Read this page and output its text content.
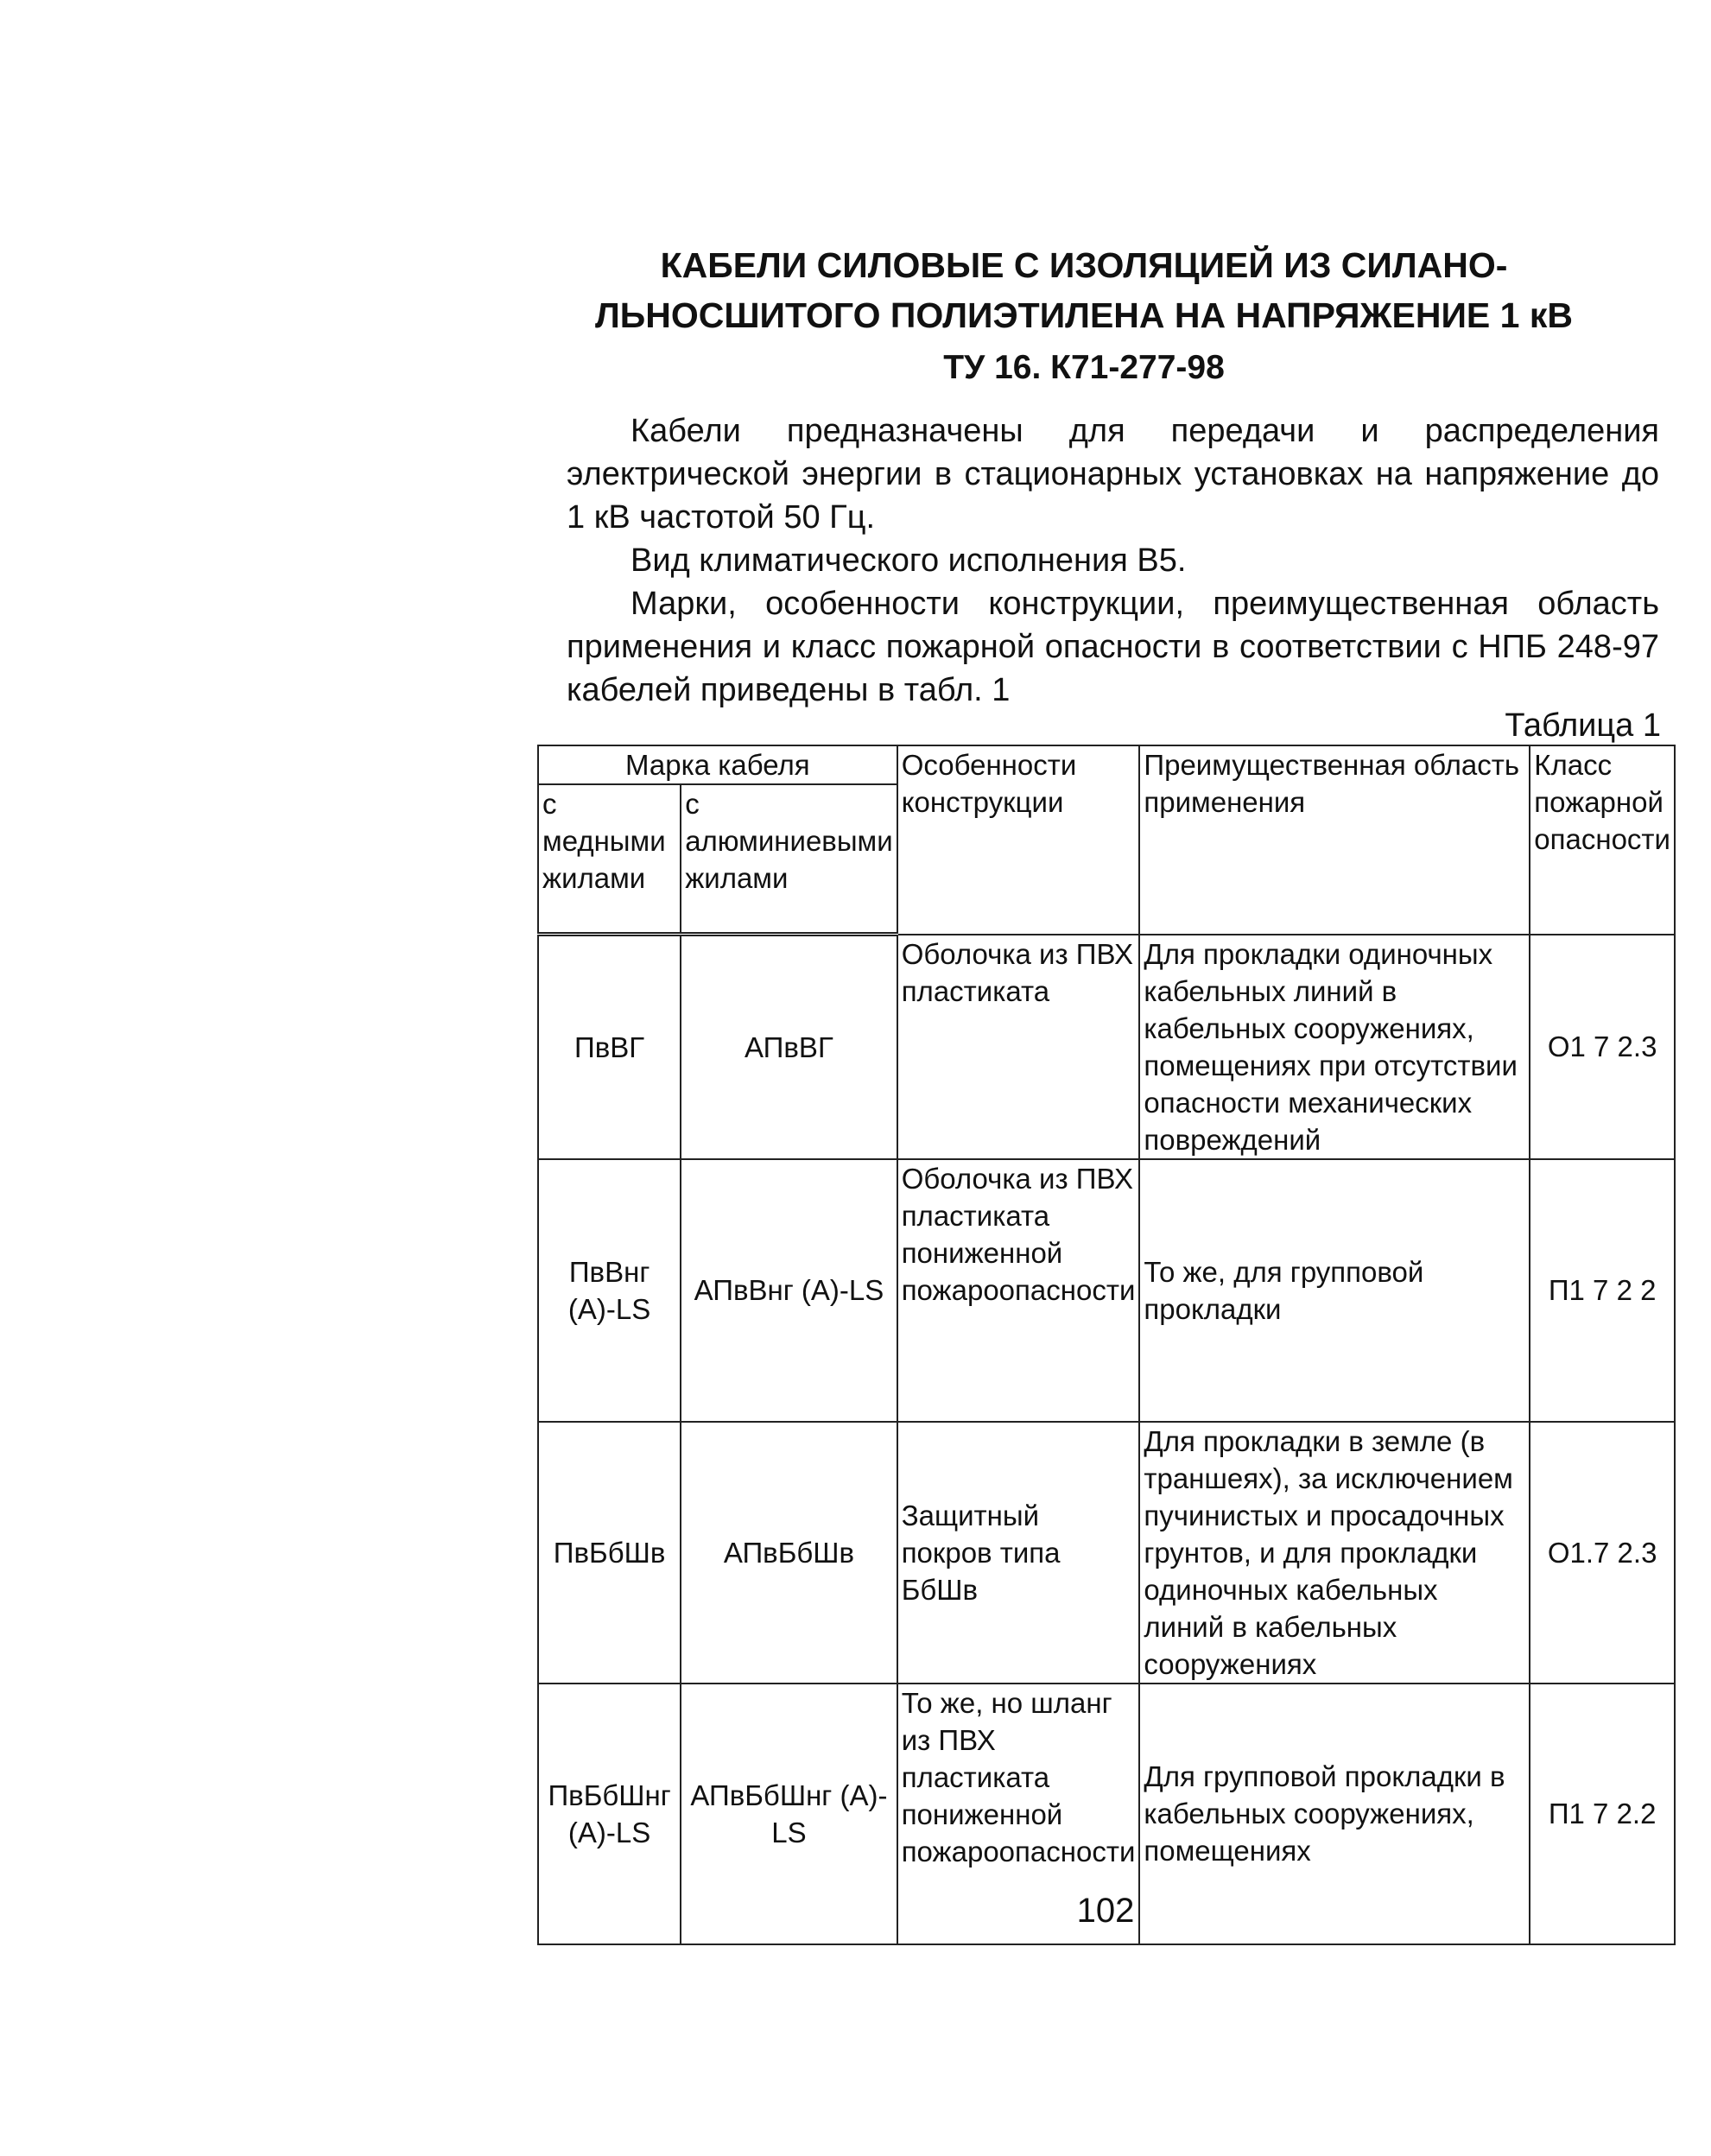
КАБЕЛИ СИЛОВЫЕ С ИЗОЛЯЦИЕЙ ИЗ СИЛАНО-
ЛЬНОСШИТОГО ПОЛИЭТИЛЕНА НА НАПРЯЖЕНИЕ 1 кВ
ТУ 16. К71-277-98
Кабели предназначены для передачи и распределения электрической энергии в стационарных установках на напряжение до 1 кВ частотой 50 Гц.
Вид климатического исполнения В5.
Марки, особенности конструкции, преимущественная область применения и класс пожарной опасности в соответствии с НПБ 248-97 кабелей приведены в табл. 1
Таблица 1
Марка кабеля		Особенности конструкции	Преимущественная область применения	Класс пожарной опасности
с медными жилами	с алюминиевыми жилами			
ПвВГ	АПвВГ	Оболочка из ПВХ пластиката	Для прокладки одиночных кабельных линий в кабельных сооружениях, помещениях при отсутствии опасности механических повреждений	О1 7 2.3
ПвВнг (А)-LS	АПвВнг (А)-LS	Оболочка из ПВХ пластиката пониженной пожароопасности	То же, для групповой прокладки	П1 7 2 2
ПвБбШв	АПвБбШв	Защитный покров типа БбШв	Для прокладки в земле (в траншеях), за исключением пучинистых и просадочных грунтов, и для прокладки одиночных кабельных линий в кабельных сооружениях	О1.7 2.3
ПвБбШнг (А)-LS	АПвБбШнг (А)-LS	То же, но шланг из ПВХ пластиката пониженной пожароопасности	Для групповой прокладки в кабельных сооружениях, помещениях	П1 7 2.2
102
